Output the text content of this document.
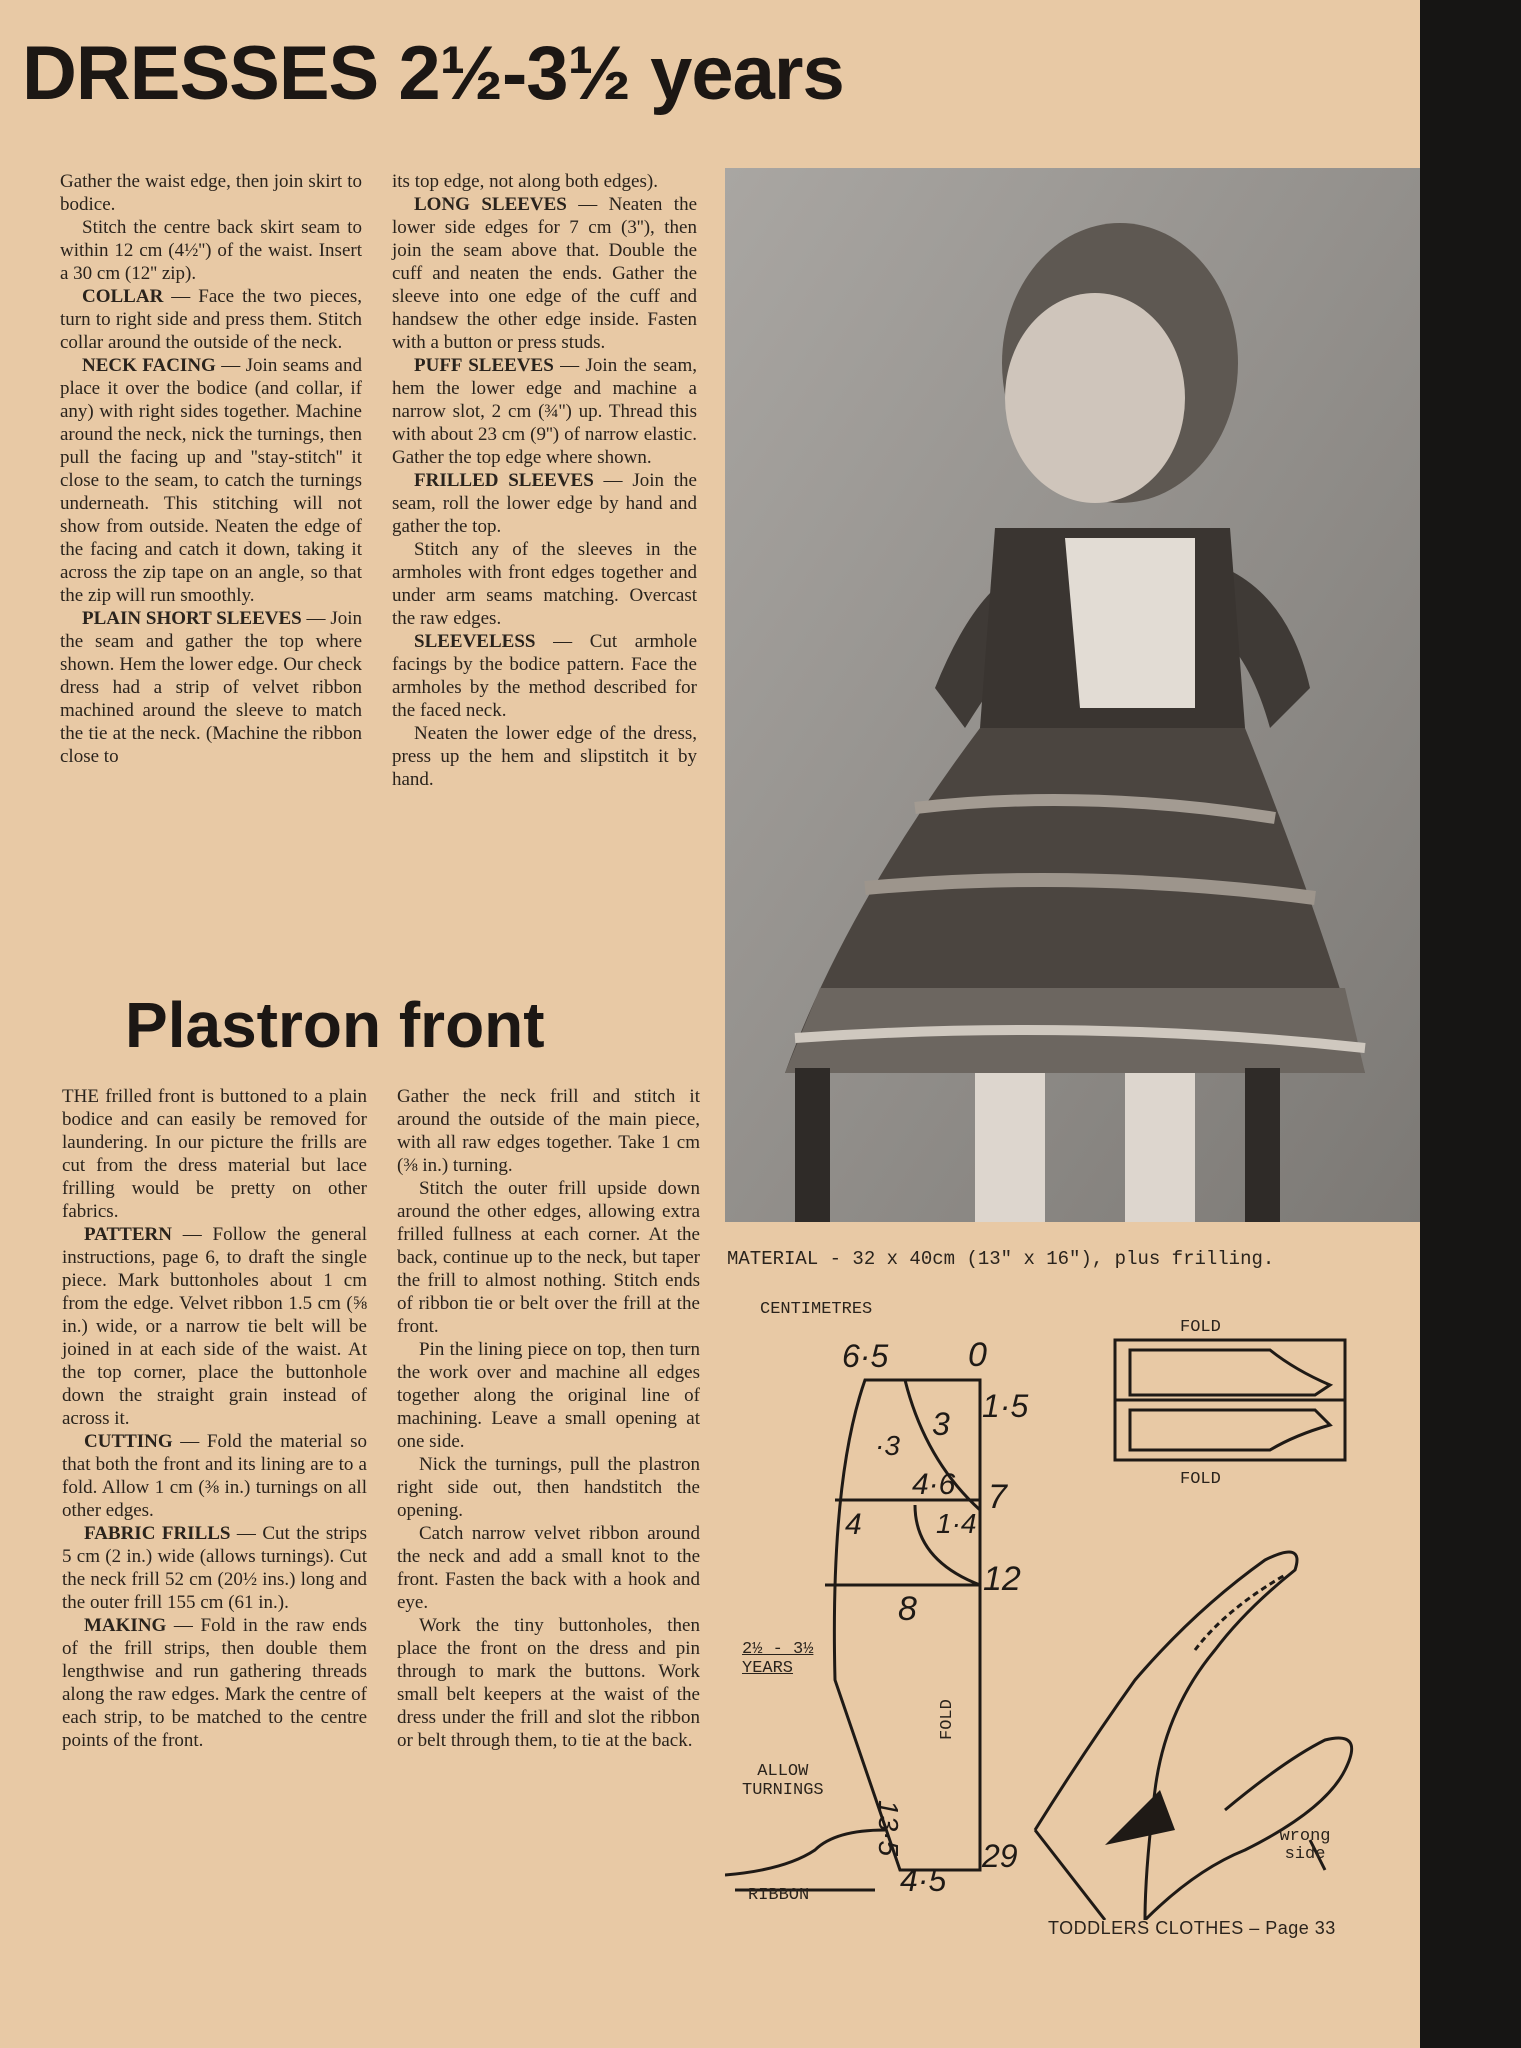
DRESSES 2½-3½ years

Gather the waist edge, then join skirt to bodice.

Stitch the centre back skirt seam to within 12 cm (4½'') of the waist. Insert a 30 cm (12'' zip).

COLLAR — Face the two pieces, turn to right side and press them. Stitch collar around the outside of the neck.

NECK FACING — Join seams and place it over the bodice (and collar, if any) with right sides together. Machine around the neck, nick the turnings, then pull the facing up and ''stay-stitch'' it close to the seam, to catch the turnings underneath. This stitching will not show from outside. Neaten the edge of the facing and catch it down, taking it across the zip tape on an angle, so that the zip will run smoothly.

PLAIN SHORT SLEEVES — Join the seam and gather the top where shown. Hem the lower edge. Our check dress had a strip of velvet ribbon machined around the sleeve to match the tie at the neck. (Machine the ribbon close to

its top edge, not along both edges).

LONG SLEEVES — Neaten the lower side edges for 7 cm (3''), then join the seam above that. Double the cuff and neaten the ends. Gather the sleeve into one edge of the cuff and handsew the other edge inside. Fasten with a button or press studs.

PUFF SLEEVES — Join the seam, hem the lower edge and machine a narrow slot, 2 cm (¾'') up. Thread this with about 23 cm (9'') of narrow elastic. Gather the top edge where shown.

FRILLED SLEEVES — Join the seam, roll the lower edge by hand and gather the top.

Stitch any of the sleeves in the armholes with front edges together and under arm seams matching. Overcast the raw edges.

SLEEVELESS — Cut armhole facings by the bodice pattern. Face the armholes by the method described for the faced neck.

Neaten the lower edge of the dress, press up the hem and slipstitch it by hand.

Plastron front

THE frilled front is buttoned to a plain bodice and can easily be removed for laundering. In our picture the frills are cut from the dress material but lace frilling would be pretty on other fabrics.

PATTERN — Follow the general instructions, page 6, to draft the single piece. Mark buttonholes about 1 cm from the edge. Velvet ribbon 1.5 cm (⅝ in.) wide, or a narrow tie belt will be joined in at each side of the waist. At the top corner, place the buttonhole down the straight grain instead of across it.

CUTTING — Fold the material so that both the front and its lining are to a fold. Allow 1 cm (⅜ in.) turnings on all other edges.

FABRIC FRILLS — Cut the strips 5 cm (2 in.) wide (allows turnings). Cut the neck frill 52 cm (20½ ins.) long and the outer frill 155 cm (61 in.).

MAKING — Fold in the raw ends of the frill strips, then double them lengthwise and run gathering threads along the raw edges. Mark the centre of each strip, to be matched to the centre points of the front.

Gather the neck frill and stitch it around the outside of the main piece, with all raw edges together. Take 1 cm (⅜ in.) turning.

Stitch the outer frill upside down around the other edges, allowing extra frilled fullness at each corner. At the back, continue up to the neck, but taper the frill to almost nothing. Stitch ends of ribbon tie or belt over the frill at the front.

Pin the lining piece on top, then turn the work over and machine all edges together along the original line of machining. Leave a small opening at one side.

Nick the turnings, pull the plastron right side out, then handstitch the opening.

Catch narrow velvet ribbon around the neck and add a small knot to the front. Fasten the back with a hook and eye.

Work the tiny buttonholes, then place the front on the dress and pin through to mark the buttons. Work small belt keepers at the waist of the dress under the frill and slot the ribbon or belt through them, to tie at the back.

MATERIAL - 32 x 40cm (13" x 16"), plus frilling.
CENTIMETRES
FOLD
FOLD
FOLD
2½ - 3½
YEARS
ALLOW
TURNINGS
RIBBON
wrong side
6·5 0
1·5
3
·3
4·6 7
4	1·4
12
8
13·5 29
4·5
TODDLERS CLOTHES – Page 33
